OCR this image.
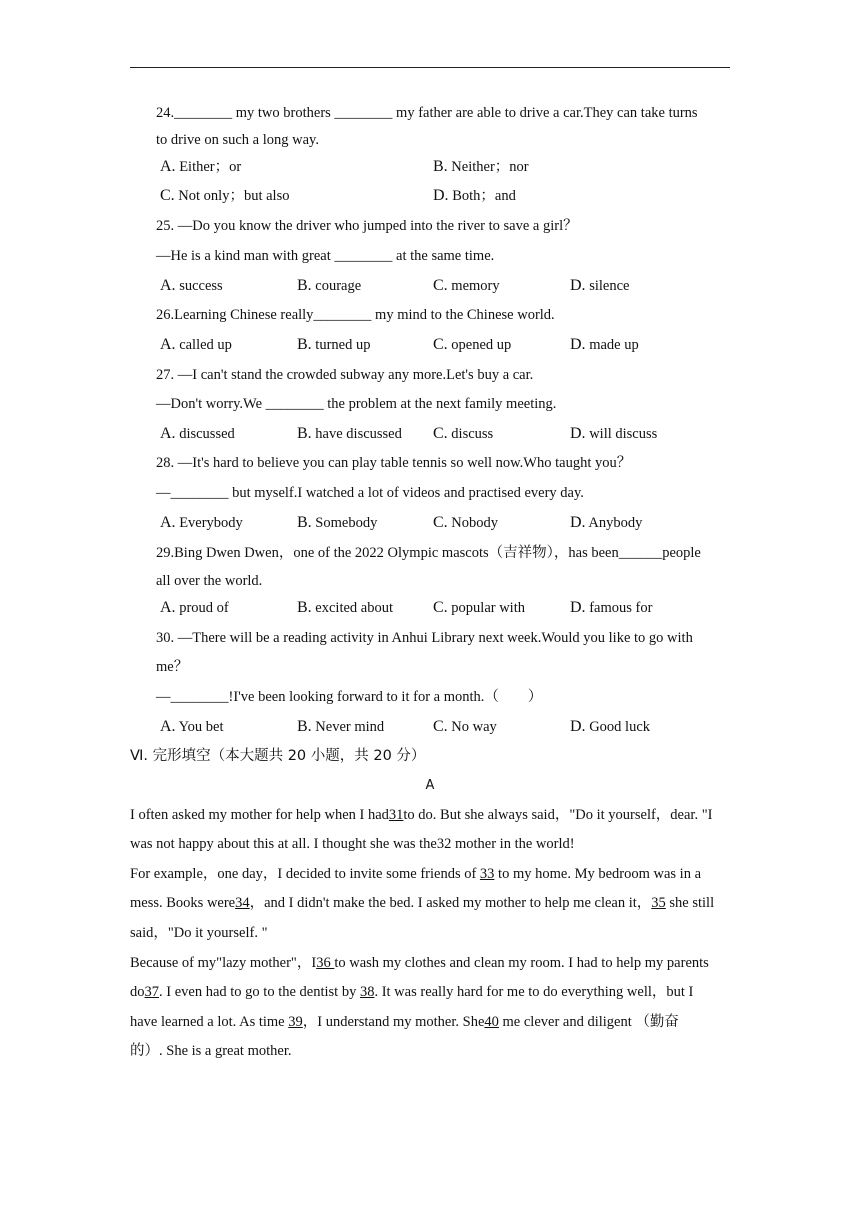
24.________ my two brothers ________ my father are able to drive a car.They can take turns
to drive on such a long way.
A. Either；or	B. Neither；nor
C. Not only；but also	D. Both；and
25. —Do you know the driver who jumped into the river to save a girl？
—He is a kind man with great ________ at the same time.
A. success	B. courage	C. memory	D. silence
26.Learning Chinese really________ my mind to the Chinese world.
A. called up	B. turned up	C. opened up	D. made up
27. —I can't stand the crowded subway any more.Let's buy a car.
—Don't worry.We ________ the problem at the next family meeting.
A. discussed	B. have discussed C. discuss	D. will discuss
28. —It's hard to believe you can play table tennis so well now.Who taught you？
—________ but myself.I watched a lot of videos and practised every day.
A. Everybody	B. Somebody	C. Nobody	D. Anybody
29.Bing Dwen Dwen，one of the 2022 Olympic mascots（吉祥物），has been______people
all over the world.
A. proud of	B. excited about C. popular with	D. famous for
30. —There will be a reading activity in Anhui Library next week.Would you like to go with
me？
—________!I've been looking forward to it for a month.（　　）
A. You bet	B. Never mind	C. No way	D. Good luck
Ⅵ. 完形填空（本大题共 20 小题，共 20 分）
A
I often asked my mother for help when I had31to do. But she always said，"Do it yourself，dear. "I
was not happy about this at all. I thought she was the32 mother in the world!
For example，one day，I decided to invite some friends of 33 to my home. My bedroom was in a
mess. Books were34，and I didn't make the bed. I asked my mother to help me clean it，35 she still
said，"Do it yourself. "
Because of my"lazy mother"，I36 to wash my clothes and clean my room. I had to help my parents
do37. I even had to go to the dentist by 38. It was really hard for me to do everything well，but I
have learned a lot. As time 39，I understand my mother. She40 me clever and diligent （勤奋
的）. She is a great mother.
